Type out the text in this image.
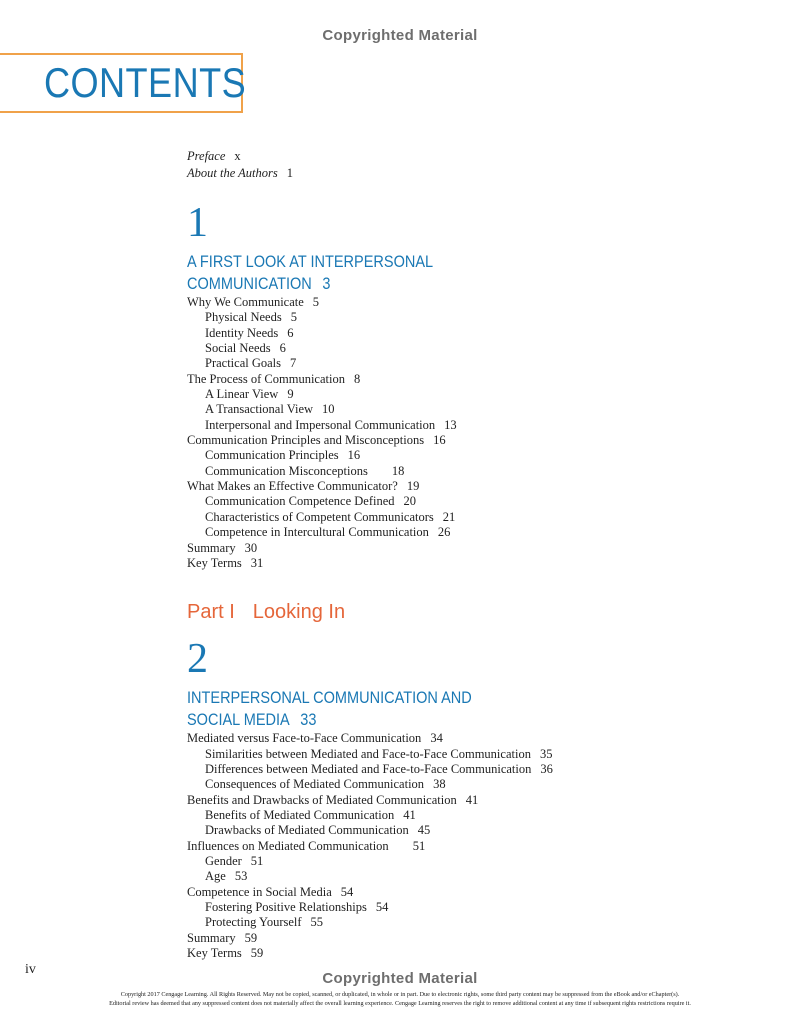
Copyrighted Material
CONTENTS
Preface x
About the Authors 1
1
A FIRST LOOK AT INTERPERSONAL
COMMUNICATION 3
Why We Communicate 5
Physical Needs 5
Identity Needs 6
Social Needs 6
Practical Goals 7
The Process of Communication 8
A Linear View 9
A Transactional View 10
Interpersonal and Impersonal Communication 13
Communication Principles and Misconceptions 16
Communication Principles 16
Communication Misconceptions 18
What Makes an Effective Communicator? 19
Communication Competence Defined 20
Characteristics of Competent Communicators 21
Competence in Intercultural Communication 26
Summary 30
Key Terms 31
Part I Looking In
2
INTERPERSONAL COMMUNICATION AND
SOCIAL MEDIA 33
Mediated versus Face-to-Face Communication 34
Similarities between Mediated and Face-to-Face Communication 35
Differences between Mediated and Face-to-Face Communication 36
Consequences of Mediated Communication 38
Benefits and Drawbacks of Mediated Communication 41
Benefits of Mediated Communication 41
Drawbacks of Mediated Communication 45
Influences on Mediated Communication 51
Gender 51
Age 53
Competence in Social Media 54
Fostering Positive Relationships 54
Protecting Yourself 55
Summary 59
Key Terms 59
iv
Copyrighted Material
Copyright 2017 Cengage Learning. All Rights Reserved. May not be copied, scanned, or duplicated, in whole or in part. Due to electronic rights, some third party content may be suppressed from the eBook and/or eChapter(s).
Editorial review has deemed that any suppressed content does not materially affect the overall learning experience. Cengage Learning reserves the right to remove additional content at any time if subsequent rights restrictions require it.
